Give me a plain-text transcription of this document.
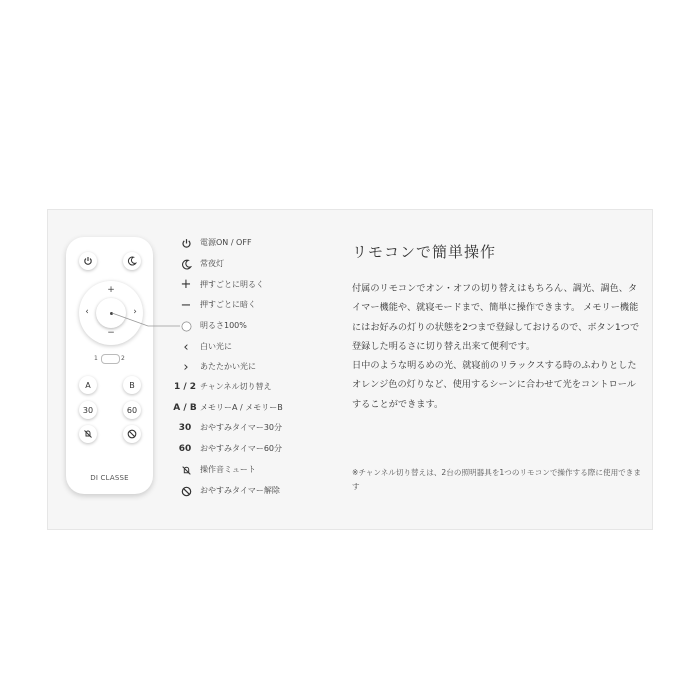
+
−
‹	›
1	2
A	B
30	60
DI CLASSE
電源ON / OFF
常夜灯
+ 押すごとに明るく
− 押すごとに暗く
明るさ100%
‹	白い光に
›	あたたかい光に
1 / 2 チャンネル切り替え
A / B メモリーA / メモリーB
30	おやすみタイマー30分
60	おやすみタイマー60分
操作音ミュート
おやすみタイマー解除
リモコンで簡単操作

付属のリモコンでオン・オフの切り替えはもちろん、調光、調色、タイマー機能や、就寝モードまで、簡単に操作できます。 メモリー機能にはお好みの灯りの状態を2つまで登録しておけるので、ボタン1つで登録した明るさに切り替え出来て便利です。

日中のような明るめの光、就寝前のリラックスする時のふわりとしたオレンジ色の灯りなど、使用するシーンに合わせて光をコントロールすることができます。

※チャンネル切り替えは、2台の照明器具を1つのリモコンで操作する際に使用できます
